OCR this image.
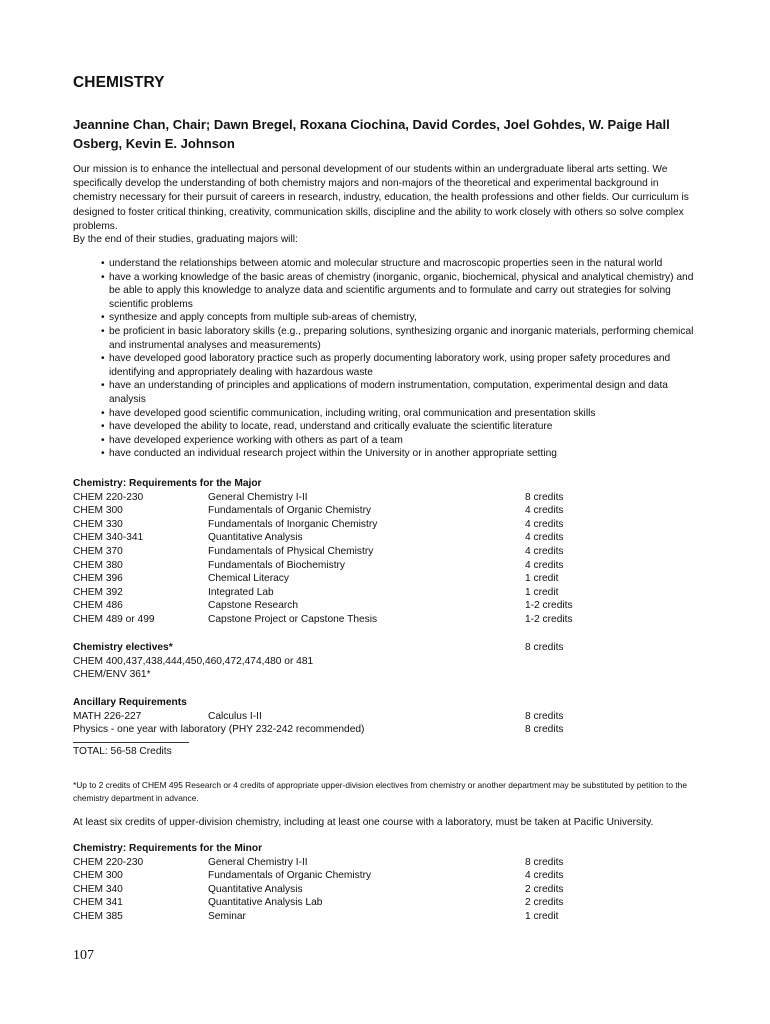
CHEMISTRY
Jeannine Chan, Chair; Dawn Bregel, Roxana Ciochina, David Cordes, Joel Gohdes, W. Paige Hall Osberg, Kevin E. Johnson
Our mission is to enhance the intellectual and personal development of our students within an undergraduate liberal arts setting. We specifically develop the understanding of both chemistry majors and non-majors of the theoretical and experimental background in chemistry necessary for their pursuit of careers in research, industry, education, the health professions and other fields. Our curriculum is designed to foster critical thinking, creativity, communication skills, discipline and the ability to work closely with others so solve complex problems.
By the end of their studies, graduating majors will:
• understand the relationships between atomic and molecular structure and macroscopic properties seen in the natural world
• have a working knowledge of the basic areas of chemistry (inorganic, organic, biochemical, physical and analytical chemistry) and be able to apply this knowledge to analyze data and scientific arguments and to formulate and carry out strategies for solving scientific problems
• synthesize and apply concepts from multiple sub-areas of chemistry,
• be proficient in basic laboratory skills (e.g., preparing solutions, synthesizing organic and inorganic materials, performing chemical and instrumental analyses and measurements)
• have developed good laboratory practice such as properly documenting laboratory work, using proper safety procedures and identifying and appropriately dealing with hazardous waste
• have an understanding of principles and applications of modern instrumentation, computation, experimental design and data analysis
• have developed good scientific communication, including writing, oral communication and presentation skills
• have developed the ability to locate, read, understand and critically evaluate the scientific literature
• have developed experience working with others as part of a team
• have conducted an individual research project within the University or in another appropriate setting
Chemistry: Requirements for the Major
CHEM 220-230	General Chemistry I-II	8 credits
CHEM 300	Fundamentals of Organic Chemistry	4 credits
CHEM 330	Fundamentals of Inorganic Chemistry	4 credits
CHEM 340-341	Quantitative Analysis	4 credits
CHEM 370	Fundamentals of Physical Chemistry	4 credits
CHEM 380	Fundamentals of Biochemistry	4 credits
CHEM 396	Chemical Literacy	1 credit
CHEM 392	Integrated Lab	1 credit
CHEM 486	Capstone Research	1-2 credits
CHEM 489 or 499	Capstone Project or Capstone Thesis	1-2 credits
Chemistry electives*	8 credits
CHEM 400,437,438,444,450,460,472,474,480 or 481
CHEM/ENV 361*
Ancillary Requirements
MATH 226-227	Calculus I-II	8 credits
Physics - one year with laboratory (PHY 232-242 recommended)	8 credits
TOTAL: 56-58 Credits
*Up to 2 credits of CHEM 495 Research or 4 credits of appropriate upper-division electives from chemistry or another department may be substituted by petition to the chemistry department in advance.
At least six credits of upper-division chemistry, including at least one course with a laboratory, must be taken at Pacific University.
Chemistry: Requirements for the Minor
CHEM 220-230	General Chemistry I-II	8 credits
CHEM 300	Fundamentals of Organic Chemistry	4 credits
CHEM 340	Quantitative Analysis	2 credits
CHEM 341	Quantitative Analysis Lab	2 credits
CHEM 385	Seminar	1 credit
107
